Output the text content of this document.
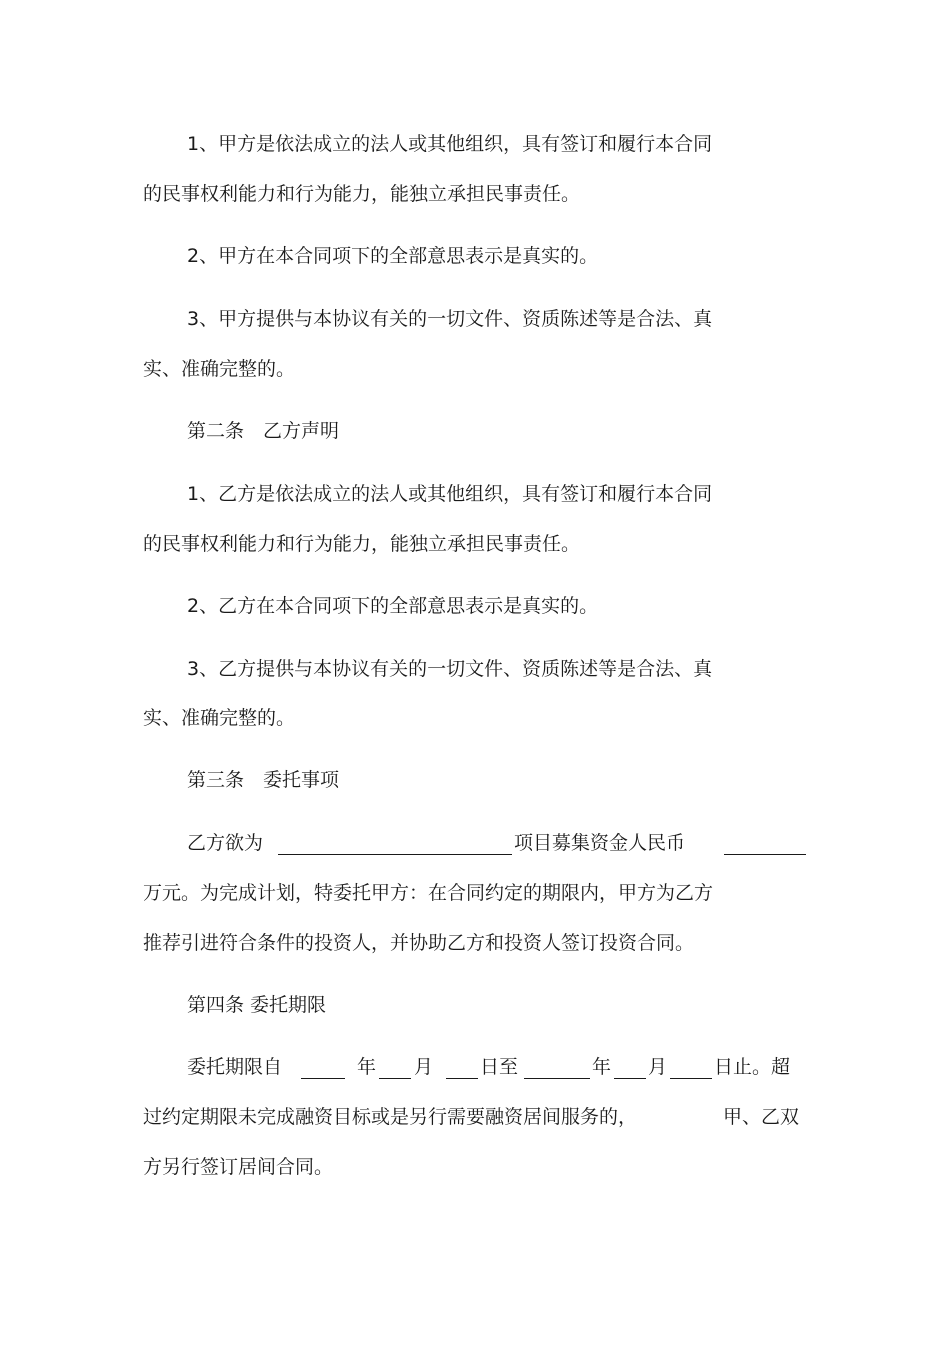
1、甲方是依法成立的法人或其他组织，具有签订和履行本合同
的民事权利能力和行为能力，能独立承担民事责任。
2、甲方在本合同项下的全部意思表示是真实的。
3、甲方提供与本协议有关的一切文件、资质陈述等是合法、真
实、准确完整的。
第二条　乙方声明
1、乙方是依法成立的法人或其他组织，具有签订和履行本合同
的民事权利能力和行为能力，能独立承担民事责任。
2、乙方在本合同项下的全部意思表示是真实的。
3、乙方提供与本协议有关的一切文件、资质陈述等是合法、真
实、准确完整的。
第三条　委托事项
乙方欲为	项目募集资金人民币
万元。为完成计划，特委托甲方：在合同约定的期限内，甲方为乙方
推荐引进符合条件的投资人，并协助乙方和投资人签订投资合同。
第四条 委托期限
委托期限自	年 月 日至	年 月 日止。超
过约定期限未完成融资目标或是另行需要融资居间服务的，	甲、乙双
方另行签订居间合同。
